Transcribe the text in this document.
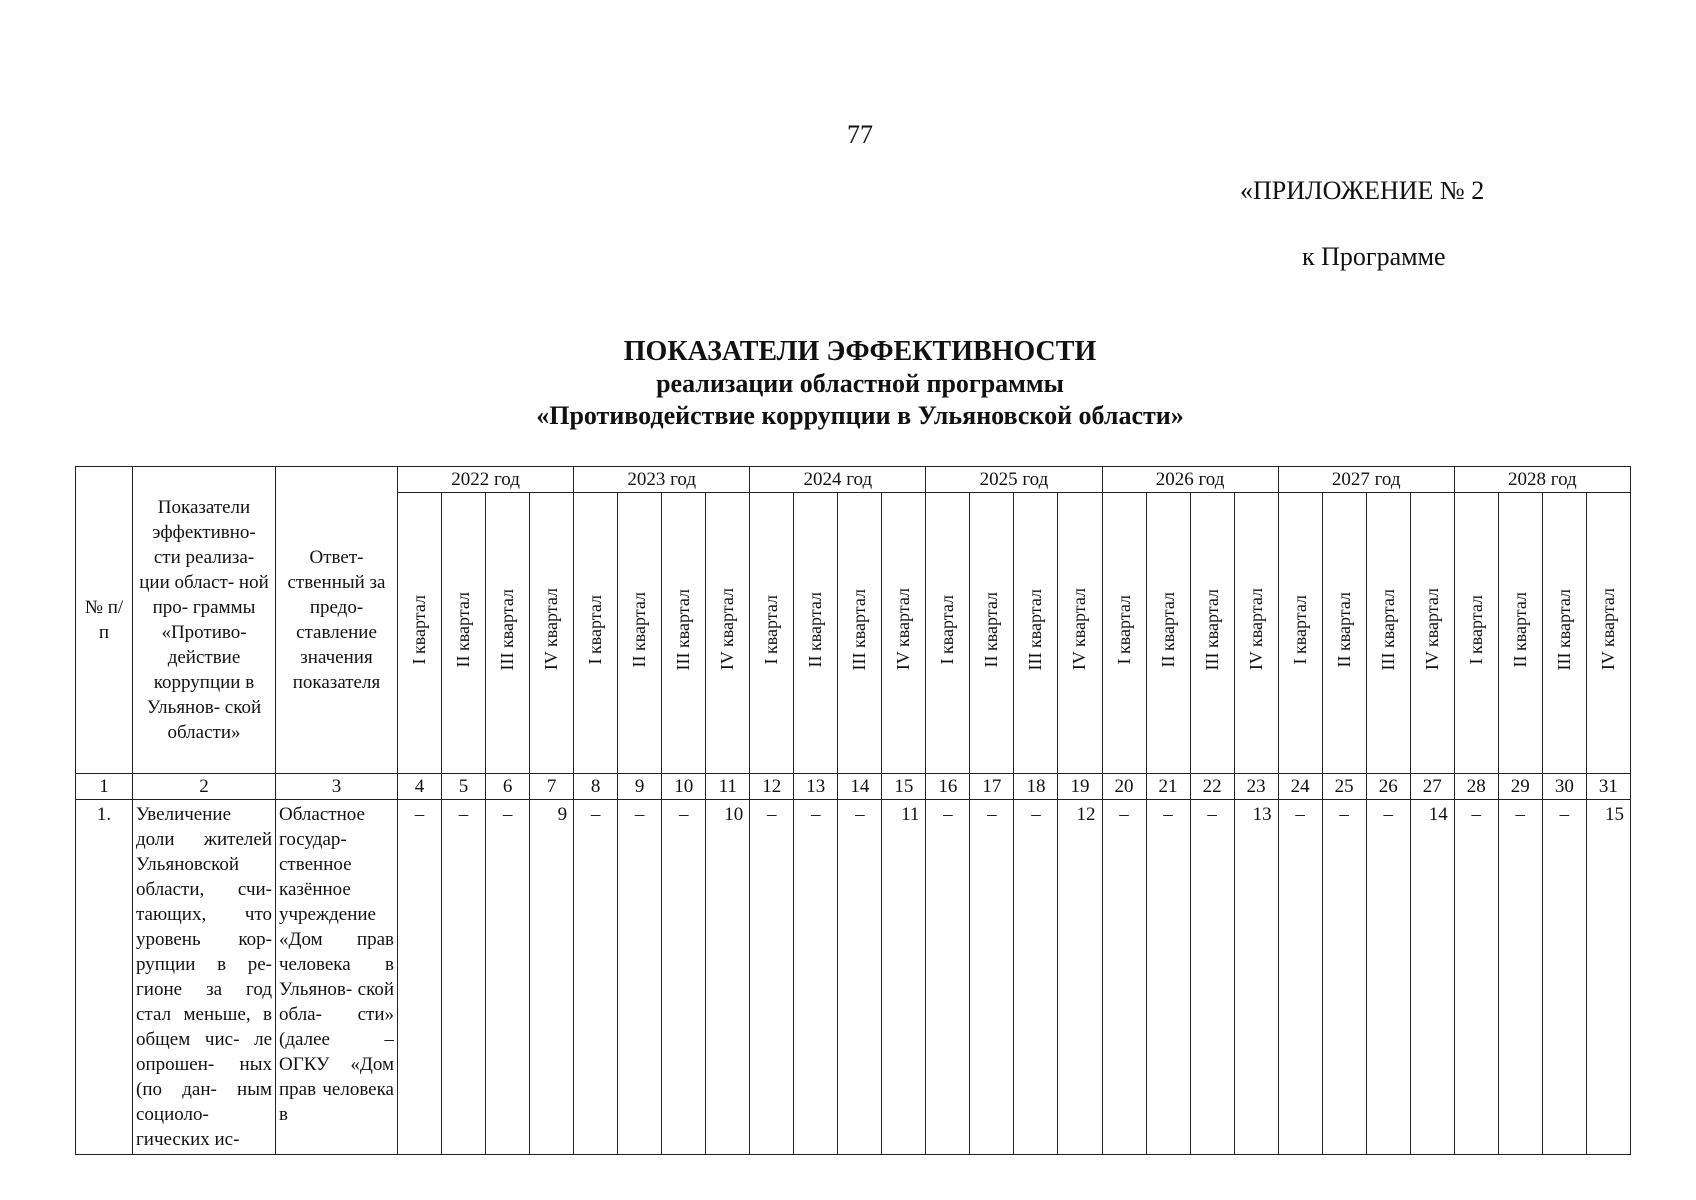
77
«ПРИЛОЖЕНИЕ № 2
к Программе
ПОКАЗАТЕЛИ ЭФФЕКТИВНОСТИ
реализации областной программы
«Противодействие коррупции в Ульяновской области»
№ п/п	Показатели эффективно- сти реализа- ции област- ной про- граммы «Противо- действие коррупции в Ульянов- ской области»	Ответ- ственный за предо- ставление значения показателя	2022 год				2023 год				2024 год				2025 год				2026 год				2027 год				2028 год			
			I квартал	II квартал	III квартал	IV квартал	I квартал	II квартал	III квартал	IV квартал	I квартал	II квартал	III квартал	IV квартал	I квартал	II квартал	III квартал	IV квартал	I квартал	II квартал	III квартал	IV квартал	I квартал	II квартал	III квартал	IV квартал	I квартал	II квартал	III квартал	IV квартал
1	2	3	4	5	6	7	8	9	10	11	12	13	14	15	16	17	18	19	20	21	22	23	24	25	26	27	28	29	30	31
1.	Увеличение доли жителей Ульяновской области, счи- тающих, что уровень кор- рупции в ре- гионе за год стал меньше, в общем чис- ле опрошен- ных (по дан- ным социоло- гических ис-	Областное государ- ственное казённое учреждение «Дом прав человека в Ульянов- ской обла- сти» (далее – ОГКУ «Дом прав человека в	–	–	–	9	–	–	–	10	–	–	–	11	–	–	–	12	–	–	–	13	–	–	–	14	–	–	–	15
